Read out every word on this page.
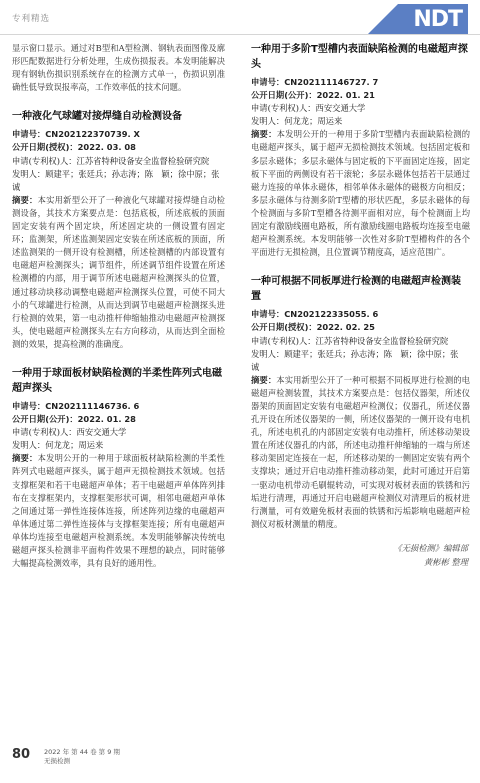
专利精选	NDT

显示窗口显示。通过对B型和A型检测、钢轨表面图像及廓形匹配数据进行分析处理，生成伤损报表。本发明能解决现有钢轨伤损识别系统存在的检测方式单一，伤损识别准确性低导致误报率高，工作效率低的技术问题。

一种液化气球罐对接焊缝自动检测设备

申请号：CN202122370739. X

公开日期(授权)：2022. 03. 08

申请(专利权)人：江苏省特种设备安全监督检验研究院

发明人：顾建平；张廷兵；孙志涛；陈　颖；徐中原；张　诚

摘要：本实用新型公开了一种液化气球罐对接焊缝自动检测设备，其技术方案要点是：包括底板，所述底板的顶面固定安装有两个固定块，所述固定块的一侧设置有固定环；监测架，所述监测架固定安装在所述底板的顶面，所述监测架的一侧开设有检测槽，所述检测槽的内部设置有电磁超声检测探头；调节组件，所述调节组件设置在所述检测槽的内部，用于调节所述电磁超声检测探头的位置，通过移动块移动调整电磁超声检测探头位置，可使不同大小的气球罐进行检测，从而达到调节电磁超声检测探头进行检测的效果，第一电动推杆伸缩轴推动电磁超声检测探头，使电磁超声检测探头左右方向移动，从而达到全面检测的效果，提高检测的准确度。

一种用于球面板材缺陷检测的半柔性阵列式电磁超声探头

申请号：CN202111146736. 6

公开日期(公开)：2022. 01. 28

申请(专利权)人：西安交通大学

发明人：何龙龙；周运来

摘要：本发明公开的一种用于球面板材缺陷检测的半柔性阵列式电磁超声探头，属于超声无损检测技术领域。包括支撑框架和若干电磁超声单体；若干电磁超声单体阵列排布在支撑框架内，支撑框架形状可调，相邻电磁超声单体之间通过第一弹性连接体连接，所述阵列边缘的电磁超声单体通过第二弹性连接体与支撑框架连接；所有电磁超声单体均连接至电磁超声检测系统。本发明能够解决传统电磁超声探头检测非平面构件效果不理想的缺点，同时能够大幅提高检测效率，具有良好的通用性。

一种用于多阶T型槽内表面缺陷检测的电磁超声探头

申请号：CN202111146727. 7

公开日期(公开)：2022. 01. 21

申请(专利权)人：西安交通大学

发明人：何龙龙；周运来

摘要：本发明公开的一种用于多阶T型槽内表面缺陷检测的电磁超声探头，属于超声无损检测技术领域。包括固定板和多层永磁体；多层永磁体与固定板的下平面固定连接，固定板下平面的两侧设有若干滚轮；多层永磁体包括若干层通过磁力连接的单体永磁体，相邻单体永磁体的磁极方向相反；多层永磁体与待测多阶T型槽的形状匹配，多层永磁体的每个检测面与多阶T型槽各待测平面相对应，每个检测面上均固定有激励线圈电路板，所有激励线圈电路板均连接至电磁超声检测系统。本发明能够一次性对多阶T型槽构件的各个平面进行无损检测，且位置调节精度高，适应范围广。

一种可根据不同板厚进行检测的电磁超声检测装置

申请号：CN202122335055. 6

公开日期(授权)：2022. 02. 25

申请(专利权)人：江苏省特种设备安全监督检验研究院

发明人：顾建平；张廷兵；孙志涛；陈　颖；徐中原；张　诚

摘要：本实用新型公开了一种可根据不同板厚进行检测的电磁超声检测装置，其技术方案要点是：包括仪器架，所述仪器架的顶面固定安装有电磁超声检测仪；仪器孔，所述仪器孔开设在所述仪器架的一侧，所述仪器架的一侧开设有电机孔，所述电机孔的内部固定安装有电动推杆，所述移动架设置在所述仪器孔的内部，所述电动推杆伸缩轴的一端与所述移动架固定连接在一起，所述移动架的一侧固定安装有两个支撑块；通过开启电动推杆推动移动架，此时可通过开启第一驱动电机带动毛刷辊转动，可实现对板材表面的铁锈和污垢进行清理，再通过开启电磁超声检测仪对清理后的板材进行测量，可有效避免板材表面的铁锈和污垢影响电磁超声检测仪对板材测量的精度。

《无损检测》编辑部
黄彬彬 整理
80 2022 年 第 44 卷 第 9 期
无损检测
